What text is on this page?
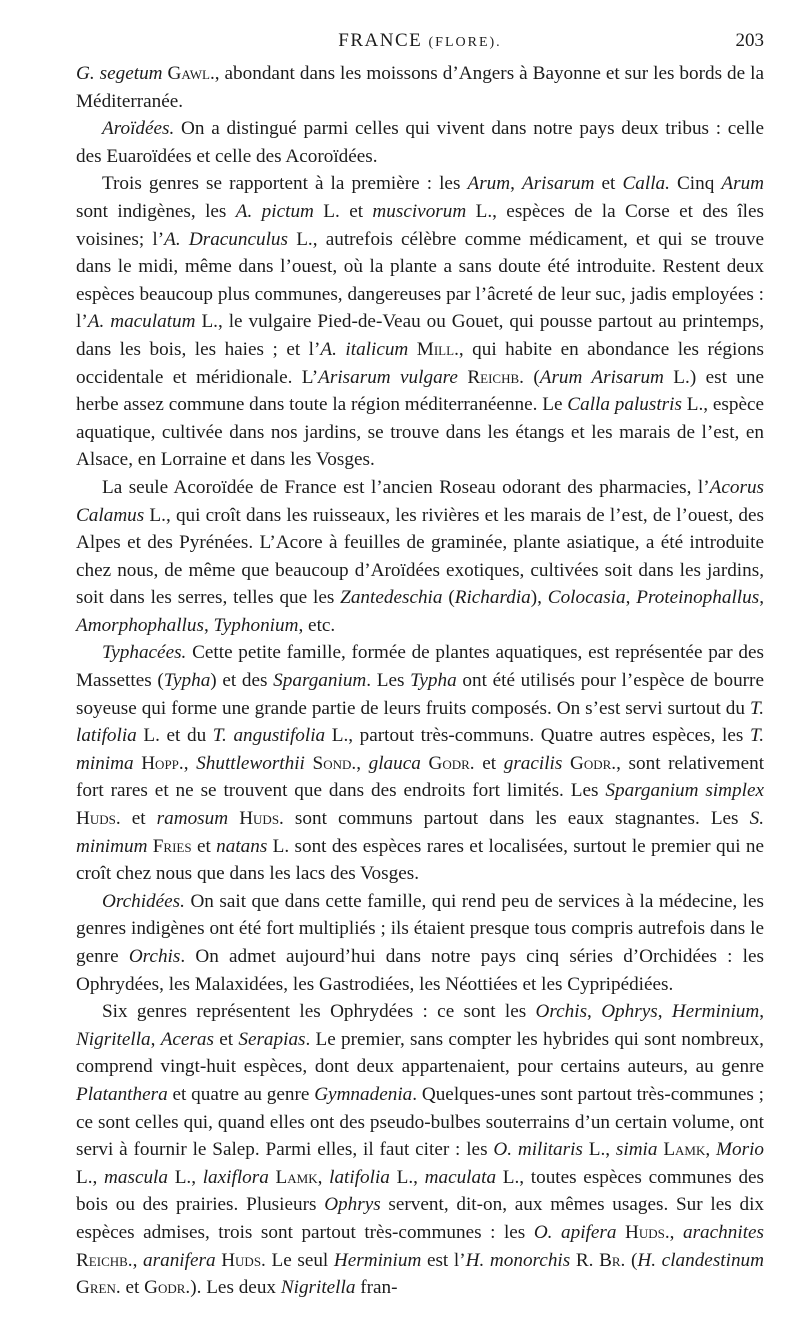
FRANCE (FLORE).	203

G. segetum Gawl., abondant dans les moissons d’Angers à Bayonne et sur les bords de la Méditerranée.

Aroïdées. On a distingué parmi celles qui vivent dans notre pays deux tribus : celle des Euaroïdées et celle des Acoroïdées.

Trois genres se rapportent à la première : les Arum, Arisarum et Calla. Cinq Arum sont indigènes, les A. pictum L. et muscivorum L., espèces de la Corse et des îles voisines; l’A. Dracunculus L., autrefois célèbre comme médicament, et qui se trouve dans le midi, même dans l’ouest, où la plante a sans doute été introduite. Restent deux espèces beaucoup plus communes, dangereuses par l’âcreté de leur suc, jadis employées : l’A. maculatum L., le vulgaire Pied-de-Veau ou Gouet, qui pousse partout au printemps, dans les bois, les haies ; et l’A. italicum Mill., qui habite en abondance les régions occidentale et méridionale. L’Arisarum vulgare Reichb. (Arum Arisarum L.) est une herbe assez commune dans toute la région méditerranéenne. Le Calla palustris L., espèce aquatique, cultivée dans nos jardins, se trouve dans les étangs et les marais de l’est, en Alsace, en Lorraine et dans les Vosges.

La seule Acoroïdée de France est l’ancien Roseau odorant des pharmacies, l’Acorus Calamus L., qui croît dans les ruisseaux, les rivières et les marais de l’est, de l’ouest, des Alpes et des Pyrénées. L’Acore à feuilles de graminée, plante asiatique, a été introduite chez nous, de même que beaucoup d’Aroïdées exotiques, cultivées soit dans les jardins, soit dans les serres, telles que les Zantedeschia (Richardia), Colocasia, Proteinophallus, Amorphophallus, Typhonium, etc.

Typhacées. Cette petite famille, formée de plantes aquatiques, est représentée par des Massettes (Typha) et des Sparganium. Les Typha ont été utilisés pour l’espèce de bourre soyeuse qui forme une grande partie de leurs fruits composés. On s’est servi surtout du T. latifolia L. et du T. angustifolia L., partout très-communs. Quatre autres espèces, les T. minima Hopp., Shuttleworthii Sond., glauca Godr. et gracilis Godr., sont relativement fort rares et ne se trouvent que dans des endroits fort limités. Les Sparganium simplex Huds. et ramosum Huds. sont communs partout dans les eaux stagnantes. Les S. minimum Fries et natans L. sont des espèces rares et localisées, surtout le premier qui ne croît chez nous que dans les lacs des Vosges.

Orchidées. On sait que dans cette famille, qui rend peu de services à la médecine, les genres indigènes ont été fort multipliés ; ils étaient presque tous compris autrefois dans le genre Orchis. On admet aujourd’hui dans notre pays cinq séries d’Orchidées : les Ophrydées, les Malaxidées, les Gastrodiées, les Néottiées et les Cypripédiées.

Six genres représentent les Ophrydées : ce sont les Orchis, Ophrys, Herminium, Nigritella, Aceras et Serapias. Le premier, sans compter les hybrides qui sont nombreux, comprend vingt-huit espèces, dont deux appartenaient, pour certains auteurs, au genre Platanthera et quatre au genre Gymnadenia. Quelques-unes sont partout très-communes ; ce sont celles qui, quand elles ont des pseudo-bulbes souterrains d’un certain volume, ont servi à fournir le Salep. Parmi elles, il faut citer : les O. militaris L., simia Lamk, Morio L., mascula L., laxiflora Lamk, latifolia L., maculata L., toutes espèces communes des bois ou des prairies. Plusieurs Ophrys servent, dit-on, aux mêmes usages. Sur les dix espèces admises, trois sont partout très-communes : les O. apifera Huds., arachnites Reichb., aranifera Huds. Le seul Herminium est l’H. monorchis R. Br. (H. clandestinum Gren. et Godr.). Les deux Nigritella fran-
